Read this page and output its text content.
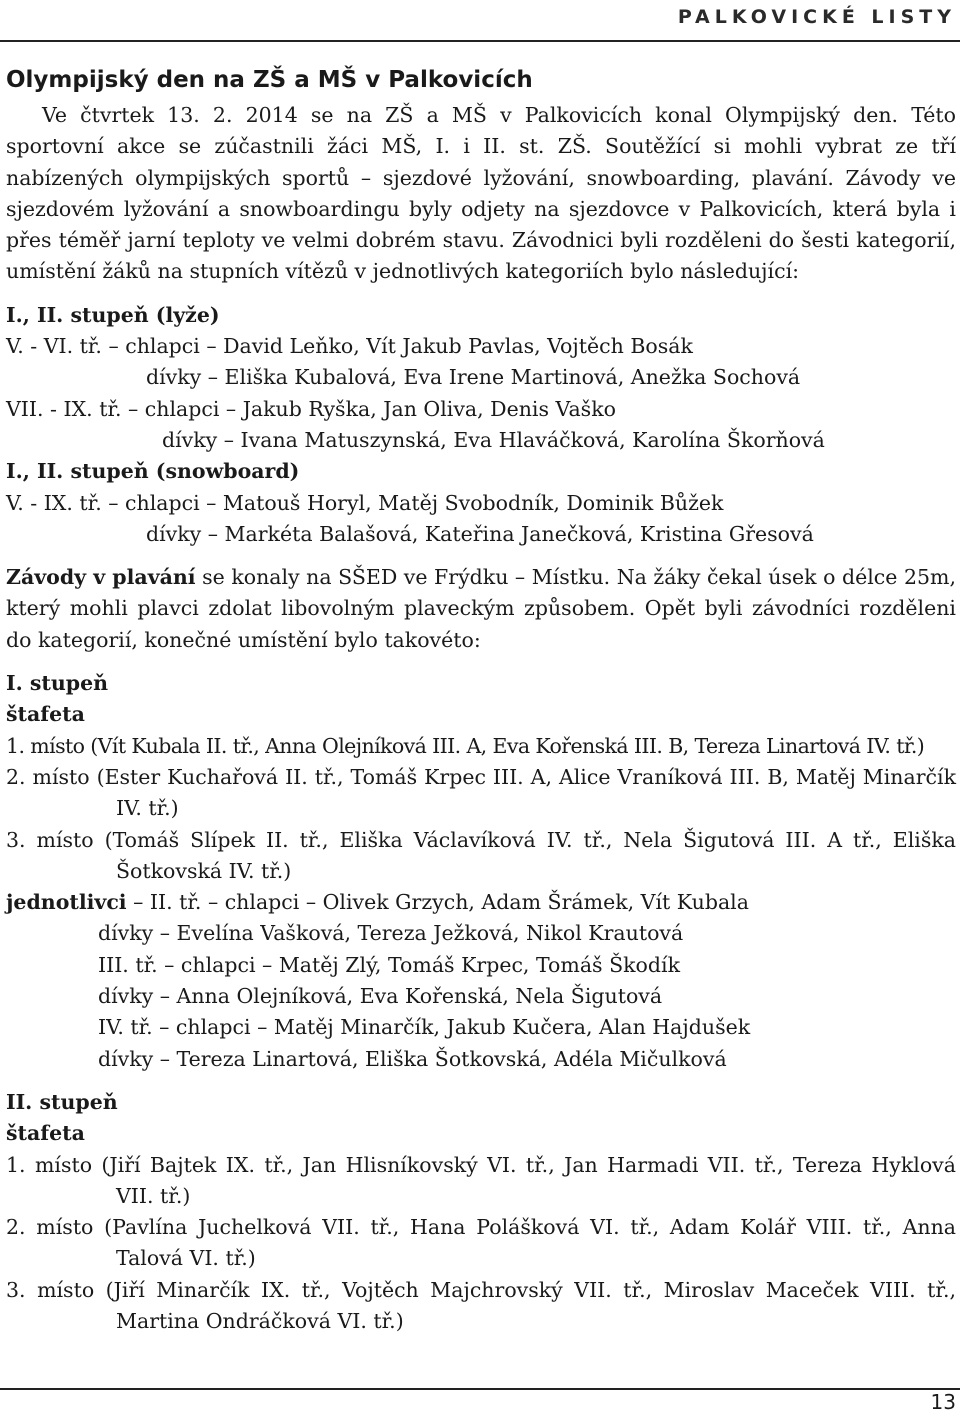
PALKOVICKÉ LISTY
Olympijský den na ZŠ a MŠ v Palkovicích

Ve čtvrtek 13. 2. 2014 se na ZŠ a MŠ v Palkovicích konal Olympijský den. Této sportovní akce se zúčastnili žáci MŠ, I. i II. st. ZŠ. Soutěžící si mohli vybrat ze tří nabízených olympijských sportů – sjezdové lyžování, snowboarding, plavání. Závody ve sjezdovém lyžování a snowboardingu byly odjety na sjezdovce v Palkovicích, která byla i přes téměř jarní teploty ve velmi dobrém stavu. Závodnici byli rozděleni do šesti kategorií, umístění žáků na stupních vítězů v jednotlivých kategoriích bylo následující:

I., II. stupeň (lyže)
V. - VI. tř. – chlapci – David Leňko, Vít Jakub Pavlas, Vojtěch Bosák
dívky – Eliška Kubalová, Eva Irene Martinová, Anežka Sochová
VII. - IX. tř. – chlapci – Jakub Ryška, Jan Oliva, Denis Vaško
dívky – Ivana Matuszynská, Eva Hlaváčková, Karolína Škorňová
I., II. stupeň (snowboard)
V. - IX. tř. – chlapci – Matouš Horyl, Matěj Svobodník, Dominik Bůžek
dívky – Markéta Balašová, Kateřina Janečková, Kristina Gřesová

Závody v plavání se konaly na SŠED ve Frýdku – Místku. Na žáky čekal úsek o délce 25m, který mohli plavci zdolat libovolným plaveckým způsobem. Opět byli závodníci rozděleni do kategorií, konečné umístění bylo takovéto:

I. stupeň
štafeta
1. místo (Vít Kubala II. tř., Anna Olejníková III. A, Eva Kořenská III. B, Tereza Linartová IV. tř.)
2. místo (Ester Kuchařová II. tř., Tomáš Krpec III. A, Alice Vraníková III. B, Matěj Minarčík IV. tř.)
3. místo (Tomáš Slípek II. tř., Eliška Václavíková IV. tř., Nela Šigutová III. A tř., Eliška Šotkovská IV. tř.)
jednotlivci – II. tř. – chlapci – Olivek Grzych, Adam Šrámek, Vít Kubala
dívky – Evelína Vašková, Tereza Ježková, Nikol Krautová
III. tř. – chlapci – Matěj Zlý, Tomáš Krpec, Tomáš Škodík
dívky – Anna Olejníková, Eva Kořenská, Nela Šigutová
IV. tř. – chlapci – Matěj Minarčík, Jakub Kučera, Alan Hajdušek
dívky – Tereza Linartová, Eliška Šotkovská, Adéla Mičulková
II. stupeň
štafeta
1. místo (Jiří Bajtek IX. tř., Jan Hlisníkovský VI. tř., Jan Harmadi VII. tř., Tereza Hyklová VII. tř.)
2. místo (Pavlína Juchelková VII. tř., Hana Polášková VI. tř., Adam Kolář VIII. tř., Anna Talová VI. tř.)
3. místo (Jiří Minarčík IX. tř., Vojtěch Majchrovský VII. tř., Miroslav Maceček VIII. tř., Martina Ondráčková VI. tř.)
13
